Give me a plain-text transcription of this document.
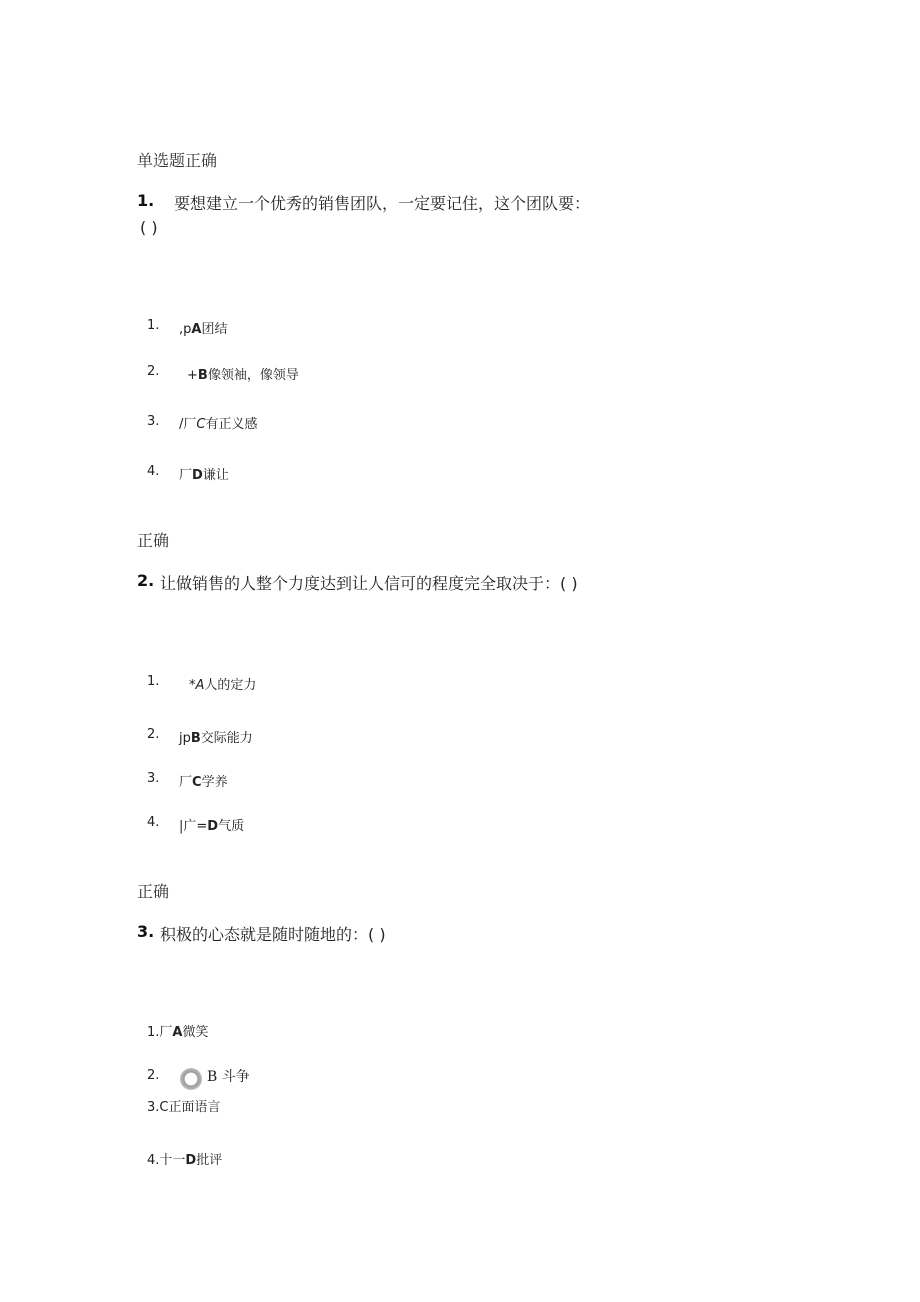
单选题正确
1. 要想建立一个优秀的销售团队，一定要记住，这个团队要：
( )
1. ,pA团结
2. +B像领袖，像领导
3. /厂C有正义感
4. 厂D谦让
正确
2. 让做销售的人整个力度达到让人信可的程度完全取决于：( )
1. *A人的定力
2. jpB交际能力
3. 厂C学养
4. |广=D气质
正确
3. 积极的心态就是随时随地的：( )
1.厂A微笑
2.	B 斗争
3.C正面语言
4.十一D批评
